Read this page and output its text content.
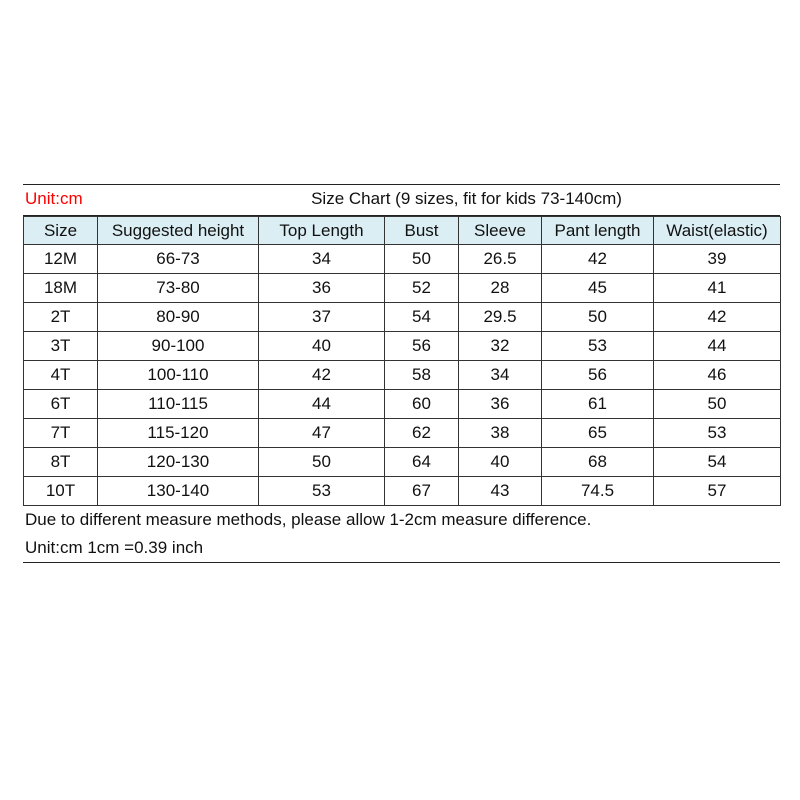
Unit:cm	Size Chart (9 sizes, fit for kids 73-140cm)
Size	Suggested height	Top Length	Bust	Sleeve	Pant length	Waist(elastic)
12M	66-73	34	50	26.5	42	39
18M	73-80	36	52	28	45	41
2T	80-90	37	54	29.5	50	42
3T	90-100	40	56	32	53	44
4T	100-110	42	58	34	56	46
6T	110-115	44	60	36	61	50
7T	115-120	47	62	38	65	53
8T	120-130	50	64	40	68	54
10T	130-140	53	67	43	74.5	57
Due to different measure methods, please allow 1-2cm measure difference.
Unit:cm 1cm =0.39 inch
